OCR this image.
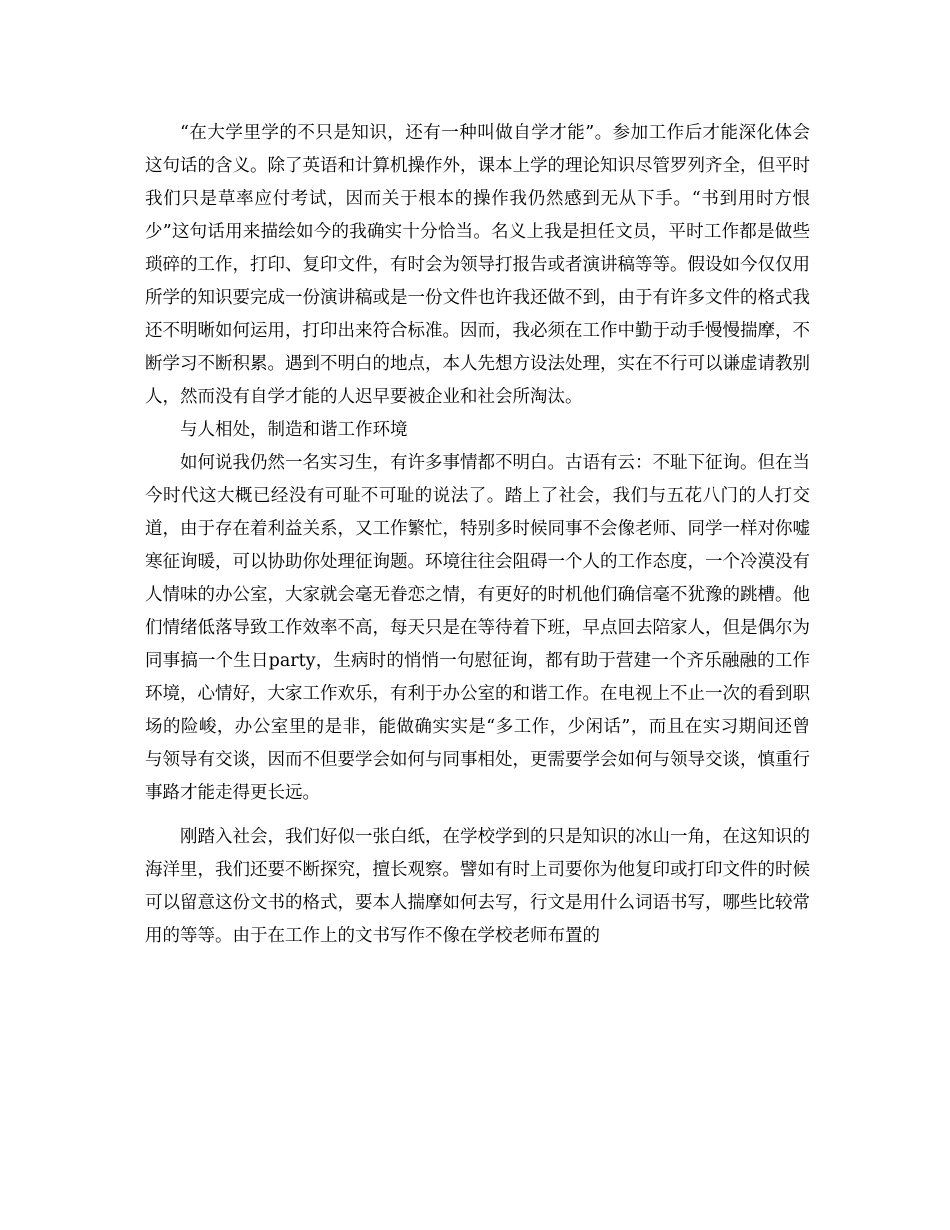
“在大学里学的不只是知识，还有一种叫做自学才能”。参加工作后才能深化体会这句话的含义。除了英语和计算机操作外，课本上学的理论知识尽管罗列齐全，但平时我们只是草率应付考试，因而关于根本的操作我仍然感到无从下手。“书到用时方恨少”这句话用来描绘如今的我确实十分恰当。名义上我是担任文员，平时工作都是做些琐碎的工作，打印、复印文件，有时会为领导打报告或者演讲稿等等。假设如今仅仅用所学的知识要完成一份演讲稿或是一份文件也许我还做不到，由于有许多文件的格式我还不明晰如何运用，打印出来符合标准。因而，我必须在工作中勤于动手慢慢揣摩，不断学习不断积累。遇到不明白的地点，本人先想方设法处理，实在不行可以谦虚请教别人，然而没有自学才能的人迟早要被企业和社会所淘汰。

与人相处，制造和谐工作环境

如何说我仍然一名实习生，有许多事情都不明白。古语有云：不耻下征询。但在当今时代这大概已经没有可耻不可耻的说法了。踏上了社会，我们与五花八门的人打交道，由于存在着利益关系，又工作繁忙，特别多时候同事不会像老师、同学一样对你嘘寒征询暖，可以协助你处理征询题。环境往往会阻碍一个人的工作态度，一个冷漠没有人情味的办公室，大家就会毫无眷恋之情，有更好的时机他们确信毫不犹豫的跳槽。他们情绪低落导致工作效率不高，每天只是在等待着下班，早点回去陪家人，但是偶尔为同事搞一个生日party，生病时的悄悄一句慰征询，都有助于营建一个齐乐融融的工作环境，心情好，大家工作欢乐，有利于办公室的和谐工作。在电视上不止一次的看到职场的险峻，办公室里的是非，能做确实实是“多工作，少闲话”，而且在实习期间还曾与领导有交谈，因而不但要学会如何与同事相处，更需要学会如何与领导交谈，慎重行事路才能走得更长远。

刚踏入社会，我们好似一张白纸，在学校学到的只是知识的冰山一角，在这知识的海洋里，我们还要不断探究，擅长观察。譬如有时上司要你为他复印或打印文件的时候可以留意这份文书的格式，要本人揣摩如何去写，行文是用什么词语书写，哪些比较常用的等等。由于在工作上的文书写作不像在学校老师布置的
